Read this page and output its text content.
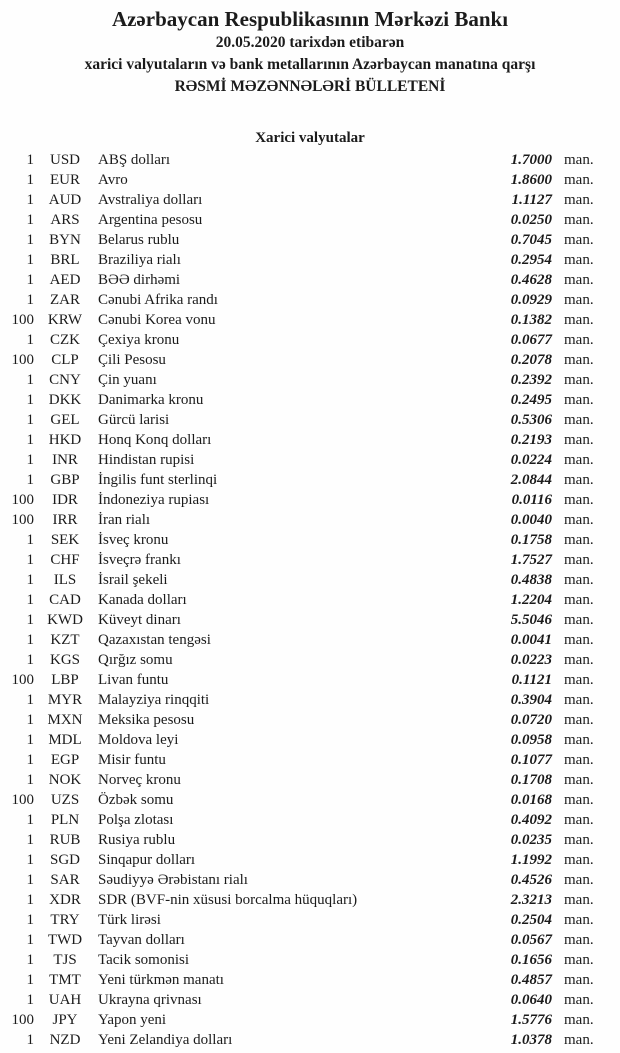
Azərbaycan Respublikasının Mərkəzi Bankı
20.05.2020 tarixdən etibarən
xarici valyutaların və bank metallarının Azərbaycan manatına qarşı
RƏSMİ MƏZƏNNƏLƏRİ BÜLLETENİ
Xarici valyutalar
1	USD	ABŞ dolları	1.7000 man.
1	EUR	Avro	1.8600 man.
1 AUD	Avstraliya dolları	1.1127 man.
1	ARS	Argentina pesosu	0.0250 man.
1	BYN	Belarus rublu	0.7045 man.
1	BRL	Braziliya rialı	0.2954 man.
1	AED	BƏƏ dirhəmi	0.4628 man.
1	ZAR	Cənubi Afrika randı	0.0929 man.
100 KRW	Cənubi Korea vonu	0.1382 man.
1	CZK	Çexiya kronu	0.0677 man.
100	CLP	Çili Pesosu	0.2078 man.
1	CNY	Çin yuanı	0.2392 man.
1 DKK	Danimarka kronu	0.2495 man.
1	GEL	Gürcü larisi	0.5306 man.
1 HKD	Honq Konq dolları	0.2193 man.
1	INR	Hindistan rupisi	0.0224 man.
1	GBP	İngilis funt sterlinqi	2.0844 man.
100	IDR	İndoneziya rupiası	0.0116 man.
100	IRR	İran rialı	0.0040 man.
1	SEK	İsveç kronu	0.1758 man.
1	CHF	İsveçrə frankı	1.7527 man.
1	ILS	İsrail şekeli	0.4838 man.
1	CAD	Kanada dolları	1.2204 man.
1 KWD	Küveyt dinarı	5.5046 man.
1	KZT	Qazaxıstan tengəsi	0.0041 man.
1	KGS	Qırğız somu	0.0223 man.
100	LBP	Livan funtu	0.1121 man.
1 MYR	Malayziya rinqqiti	0.3904 man.
1 MXN	Meksika pesosu	0.0720 man.
1 MDL	Moldova leyi	0.0958 man.
1	EGP	Misir funtu	0.1077 man.
1 NOK	Norveç kronu	0.1708 man.
100	UZS	Özbək somu	0.0168 man.
1	PLN	Polşa zlotası	0.4092 man.
1	RUB	Rusiya rublu	0.0235 man.
1	SGD	Sinqapur dolları	1.1992 man.
1	SAR	Səudiyyə Ərəbistanı rialı	0.4526 man.
1	XDR	SDR (BVF-nin xüsusi borcalma hüquqları)	2.3213 man.
1	TRY	Türk lirəsi	0.2504 man.
1 TWD	Tayvan dolları	0.0567 man.
1	TJS	Tacik somonisi	0.1656 man.
1	TMT	Yeni türkmən manatı	0.4857 man.
1 UAH	Ukrayna qrivnası	0.0640 man.
100	JPY	Yapon yeni	1.5776 man.
1	NZD	Yeni Zelandiya dolları	1.0378 man.
